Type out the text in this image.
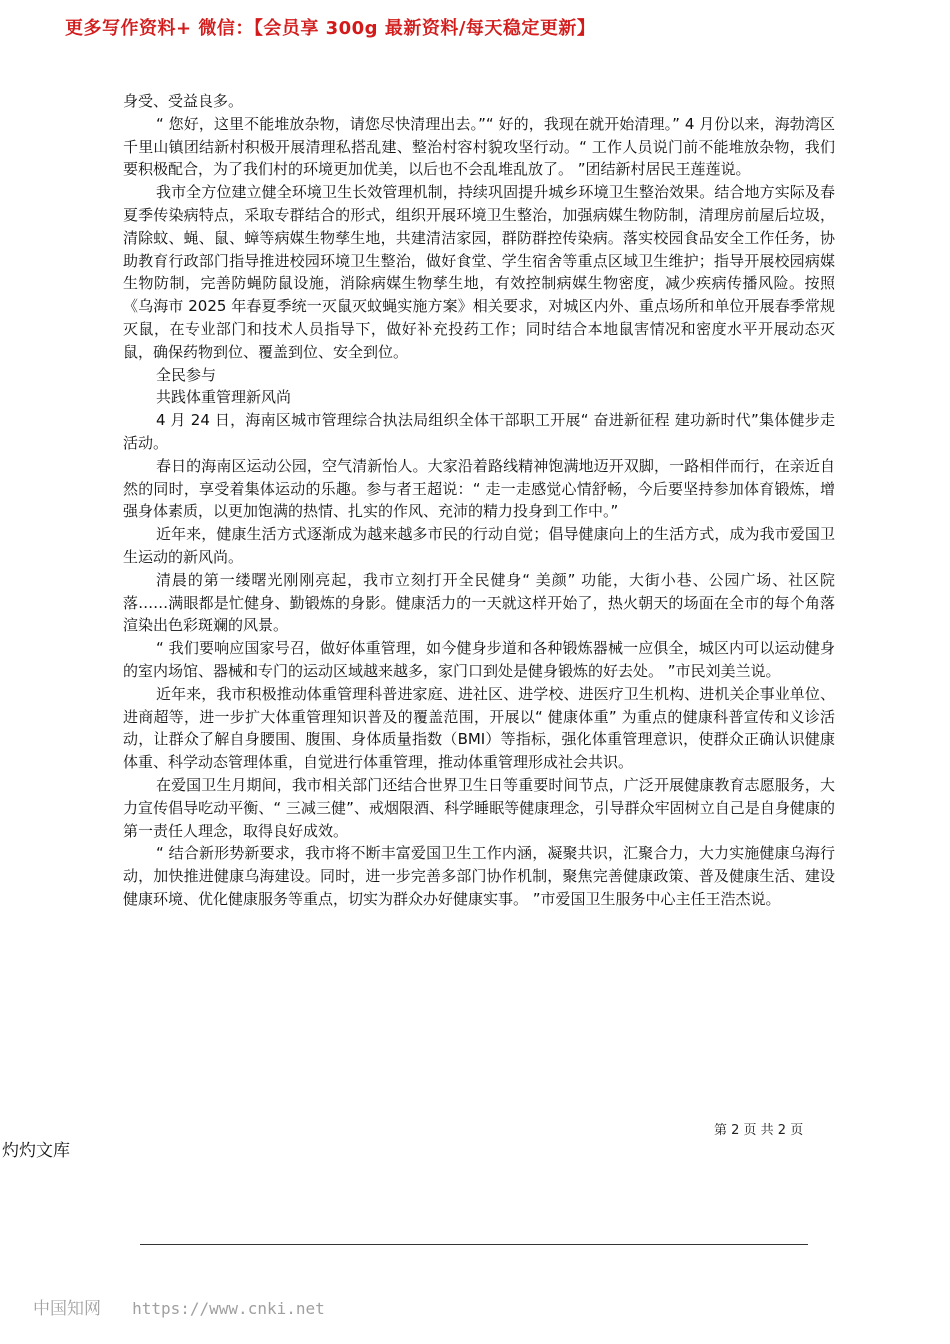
更多写作资料+ 微信：【会员享 300g 最新资料/每天稳定更新】

身受、受益良多。

“ 您好，这里不能堆放杂物，请您尽快清理出去。”“ 好的，我现在就开始清理。” 4 月份以来，海勃湾区千里山镇团结新村积极开展清理私搭乱建、整治村容村貌攻坚行动。“ 工作人员说门前不能堆放杂物，我们要积极配合，为了我们村的环境更加优美，以后也不会乱堆乱放了。 ”团结新村居民王莲莲说。

我市全方位建立健全环境卫生长效管理机制，持续巩固提升城乡环境卫生整治效果。结合地方实际及春夏季传染病特点，采取专群结合的形式，组织开展环境卫生整治，加强病媒生物防制，清理房前屋后垃圾，清除蚊、蝇、鼠、蟑等病媒生物孳生地，共建清洁家园，群防群控传染病。落实校园食品安全工作任务，协助教育行政部门指导推进校园环境卫生整治，做好食堂、学生宿舍等重点区域卫生维护；指导开展校园病媒生物防制，完善防蝇防鼠设施，消除病媒生物孳生地，有效控制病媒生物密度，减少疾病传播风险。按照《乌海市 2025 年春夏季统一灭鼠灭蚊蝇实施方案》相关要求，对城区内外、重点场所和单位开展春季常规灭鼠，在专业部门和技术人员指导下，做好补充投药工作；同时结合本地鼠害情况和密度水平开展动态灭鼠，确保药物到位、覆盖到位、安全到位。

全民参与

共践体重管理新风尚

4 月 24 日，海南区城市管理综合执法局组织全体干部职工开展“ 奋进新征程 建功新时代”集体健步走活动。

春日的海南区运动公园，空气清新怡人。大家沿着路线精神饱满地迈开双脚，一路相伴而行，在亲近自然的同时，享受着集体运动的乐趣。参与者王超说：“ 走一走感觉心情舒畅，今后要坚持参加体育锻炼，增强身体素质，以更加饱满的热情、扎实的作风、充沛的精力投身到工作中。”

近年来，健康生活方式逐渐成为越来越多市民的行动自觉；倡导健康向上的生活方式，成为我市爱国卫生运动的新风尚。

清晨的第一缕曙光刚刚亮起，我市立刻打开全民健身“ 美颜” 功能，大街小巷、公园广场、社区院落……满眼都是忙健身、勤锻炼的身影。健康活力的一天就这样开始了，热火朝天的场面在全市的每个角落渲染出色彩斑斓的风景。

“ 我们要响应国家号召，做好体重管理，如今健身步道和各种锻炼器械一应俱全，城区内可以运动健身的室内场馆、器械和专门的运动区域越来越多，家门口到处是健身锻炼的好去处。 ”市民刘美兰说。

近年来，我市积极推动体重管理科普进家庭、进社区、进学校、进医疗卫生机构、进机关企事业单位、进商超等，进一步扩大体重管理知识普及的覆盖范围，开展以“ 健康体重” 为重点的健康科普宣传和义诊活动，让群众了解自身腰围、腹围、身体质量指数（BMI）等指标，强化体重管理意识，使群众正确认识健康体重、科学动态管理体重，自觉进行体重管理，推动体重管理形成社会共识。

在爱国卫生月期间，我市相关部门还结合世界卫生日等重要时间节点，广泛开展健康教育志愿服务，大力宣传倡导吃动平衡、“ 三减三健”、戒烟限酒、科学睡眠等健康理念，引导群众牢固树立自己是自身健康的第一责任人理念，取得良好成效。

“ 结合新形势新要求，我市将不断丰富爱国卫生工作内涵，凝聚共识，汇聚合力，大力实施健康乌海行动，加快推进健康乌海建设。同时，进一步完善多部门协作机制，聚焦完善健康政策、普及健康生活、建设健康环境、优化健康服务等重点，切实为群众办好健康实事。 ”市爱国卫生服务中心主任王浩杰说。

第 2 页 共 2 页
灼灼文库
中国知网 https://www.cnki.net
